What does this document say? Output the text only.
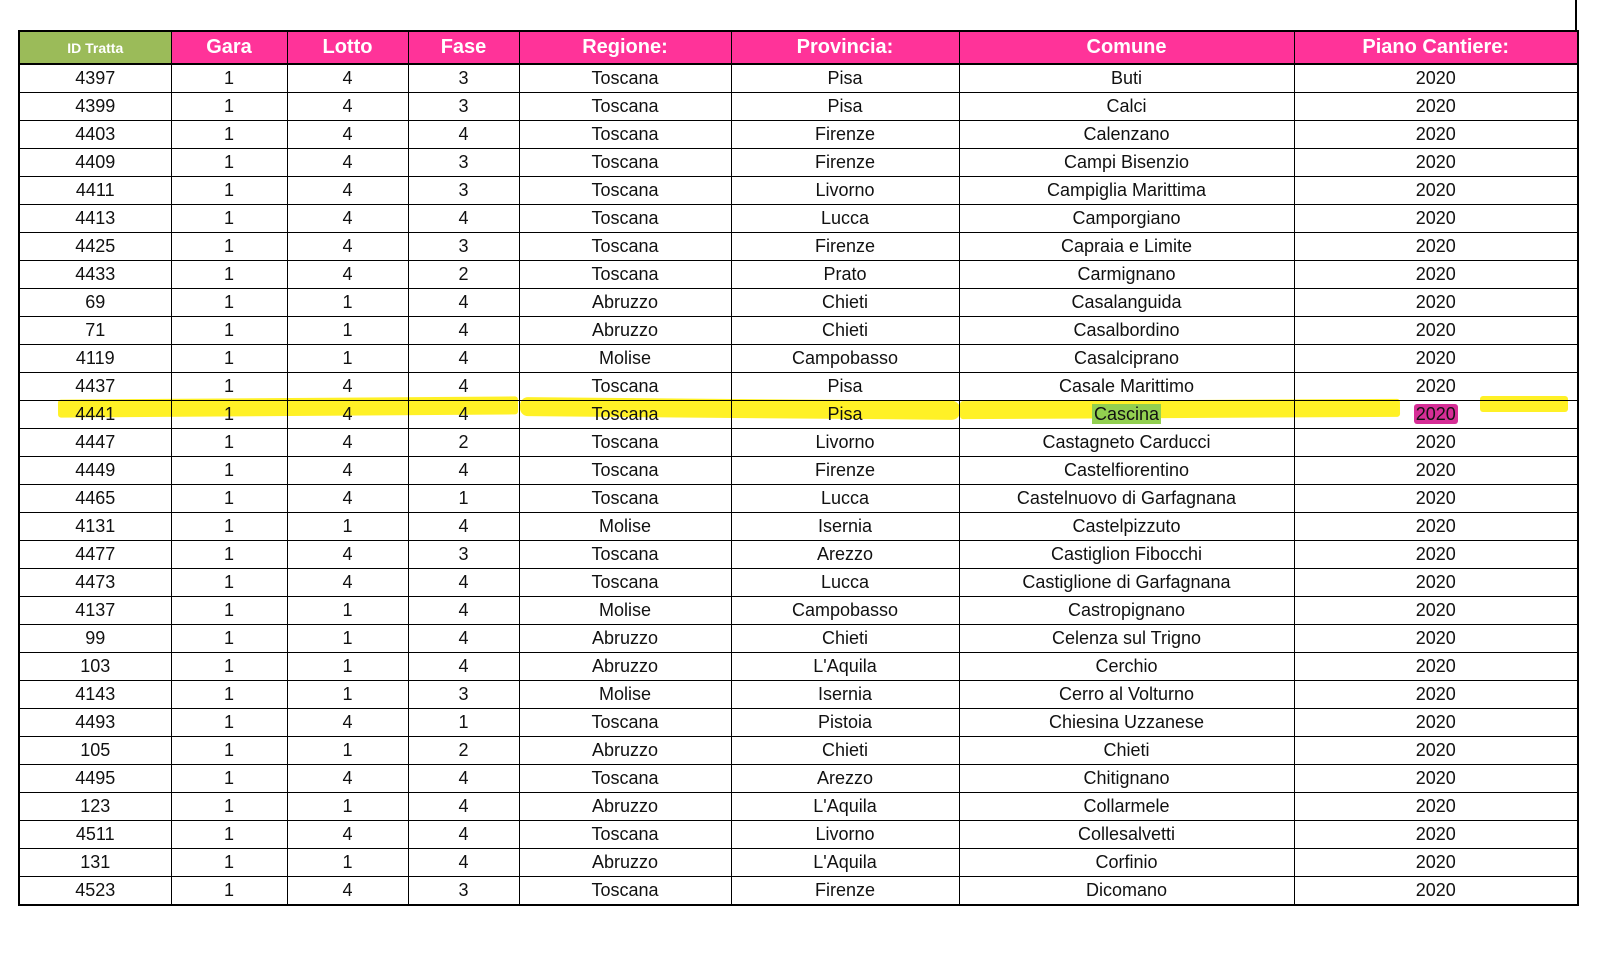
ID Tratta	Gara	Lotto	Fase	Regione:	Provincia:	Comune	Piano Cantiere:
4397	1	4	3	Toscana	Pisa	Buti	2020
4399	1	4	3	Toscana	Pisa	Calci	2020
4403	1	4	4	Toscana	Firenze	Calenzano	2020
4409	1	4	3	Toscana	Firenze	Campi Bisenzio	2020
4411	1	4	3	Toscana	Livorno	Campiglia Marittima	2020
4413	1	4	4	Toscana	Lucca	Camporgiano	2020
4425	1	4	3	Toscana	Firenze	Capraia e Limite	2020
4433	1	4	2	Toscana	Prato	Carmignano	2020
69	1	1	4	Abruzzo	Chieti	Casalanguida	2020
71	1	1	4	Abruzzo	Chieti	Casalbordino	2020
4119	1	1	4	Molise	Campobasso	Casalciprano	2020
4437	1	4	4	Toscana	Pisa	Casale Marittimo	2020
4441	1	4	4	Toscana	Pisa	Cascina	2020
4447	1	4	2	Toscana	Livorno	Castagneto Carducci	2020
4449	1	4	4	Toscana	Firenze	Castelfiorentino	2020
4465	1	4	1	Toscana	Lucca	Castelnuovo di Garfagnana	2020
4131	1	1	4	Molise	Isernia	Castelpizzuto	2020
4477	1	4	3	Toscana	Arezzo	Castiglion Fibocchi	2020
4473	1	4	4	Toscana	Lucca	Castiglione di Garfagnana	2020
4137	1	1	4	Molise	Campobasso	Castropignano	2020
99	1	1	4	Abruzzo	Chieti	Celenza sul Trigno	2020
103	1	1	4	Abruzzo	L'Aquila	Cerchio	2020
4143	1	1	3	Molise	Isernia	Cerro al Volturno	2020
4493	1	4	1	Toscana	Pistoia	Chiesina Uzzanese	2020
105	1	1	2	Abruzzo	Chieti	Chieti	2020
4495	1	4	4	Toscana	Arezzo	Chitignano	2020
123	1	1	4	Abruzzo	L'Aquila	Collarmele	2020
4511	1	4	4	Toscana	Livorno	Collesalvetti	2020
131	1	1	4	Abruzzo	L'Aquila	Corfinio	2020
4523	1	4	3	Toscana	Firenze	Dicomano	2020
